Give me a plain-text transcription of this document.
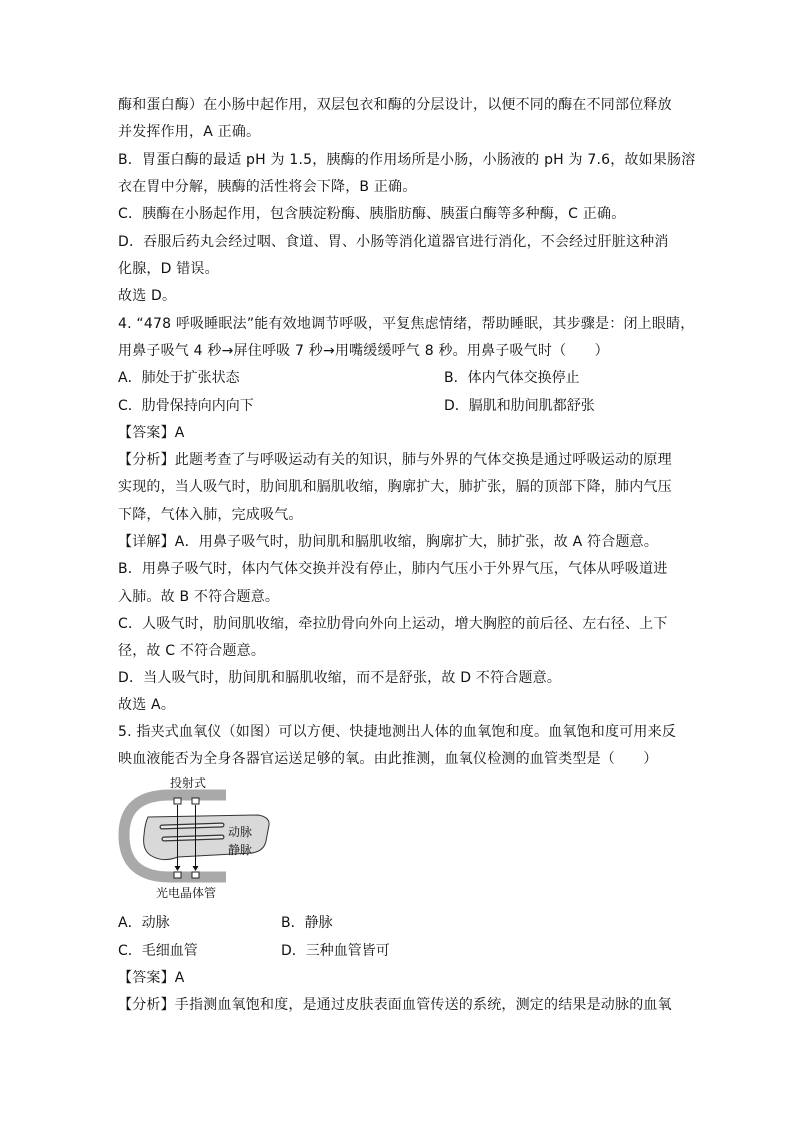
酶和蛋白酶）在小肠中起作用，双层包衣和酶的分层设计，以便不同的酶在不同部位释放
并发挥作用，A 正确。
B．胃蛋白酶的最适 pH 为 1.5，胰酶的作用场所是小肠，小肠液的 pH 为 7.6，故如果肠溶
衣在胃中分解，胰酶的活性将会下降，B 正确。
C．胰酶在小肠起作用，包含胰淀粉酶、胰脂肪酶、胰蛋白酶等多种酶，C 正确。
D．吞服后药丸会经过咽、食道、胃、小肠等消化道器官进行消化，不会经过肝脏这种消
化腺，D 错误。
故选 D。
4. “478 呼吸睡眠法”能有效地调节呼吸，平复焦虑情绪，帮助睡眠，其步骤是：闭上眼睛，
用鼻子吸气 4 秒→屏住呼吸 7 秒→用嘴缓缓呼气 8 秒。用鼻子吸气时（　　）
A．肺处于扩张状态	B．体内气体交换停止
C．肋骨保持向内向下	D．膈肌和肋间肌都舒张
【答案】A
【分析】此题考查了与呼吸运动有关的知识，肺与外界的气体交换是通过呼吸运动的原理
实现的，当人吸气时，肋间肌和膈肌收缩，胸廓扩大，肺扩张，膈的顶部下降，肺内气压
下降，气体入肺，完成吸气。
【详解】A．用鼻子吸气时，肋间肌和膈肌收缩，胸廓扩大，肺扩张，故 A 符合题意。
B．用鼻子吸气时，体内气体交换并没有停止，肺内气压小于外界气压，气体从呼吸道进
入肺。故 B 不符合题意。
C．人吸气时，肋间肌收缩，牵拉肋骨向外向上运动，增大胸腔的前后径、左右径、上下
径，故 C 不符合题意。
D．当人吸气时，肋间肌和膈肌收缩，而不是舒张，故 D 不符合题意。
故选 A。
5. 指夹式血氧仪（如图）可以方便、快捷地测出人体的血氧饱和度。血氧饱和度可用来反
映血液能否为全身各器官运送足够的氧。由此推测，血氧仪检测的血管类型是（　　）
投射式
动脉
静脉
光电晶体管
A．动脉	B．静脉
C．毛细血管	D．三种血管皆可
【答案】A
【分析】手指测血氧饱和度，是通过皮肤表面血管传送的系统，测定的结果是动脉的血氧
